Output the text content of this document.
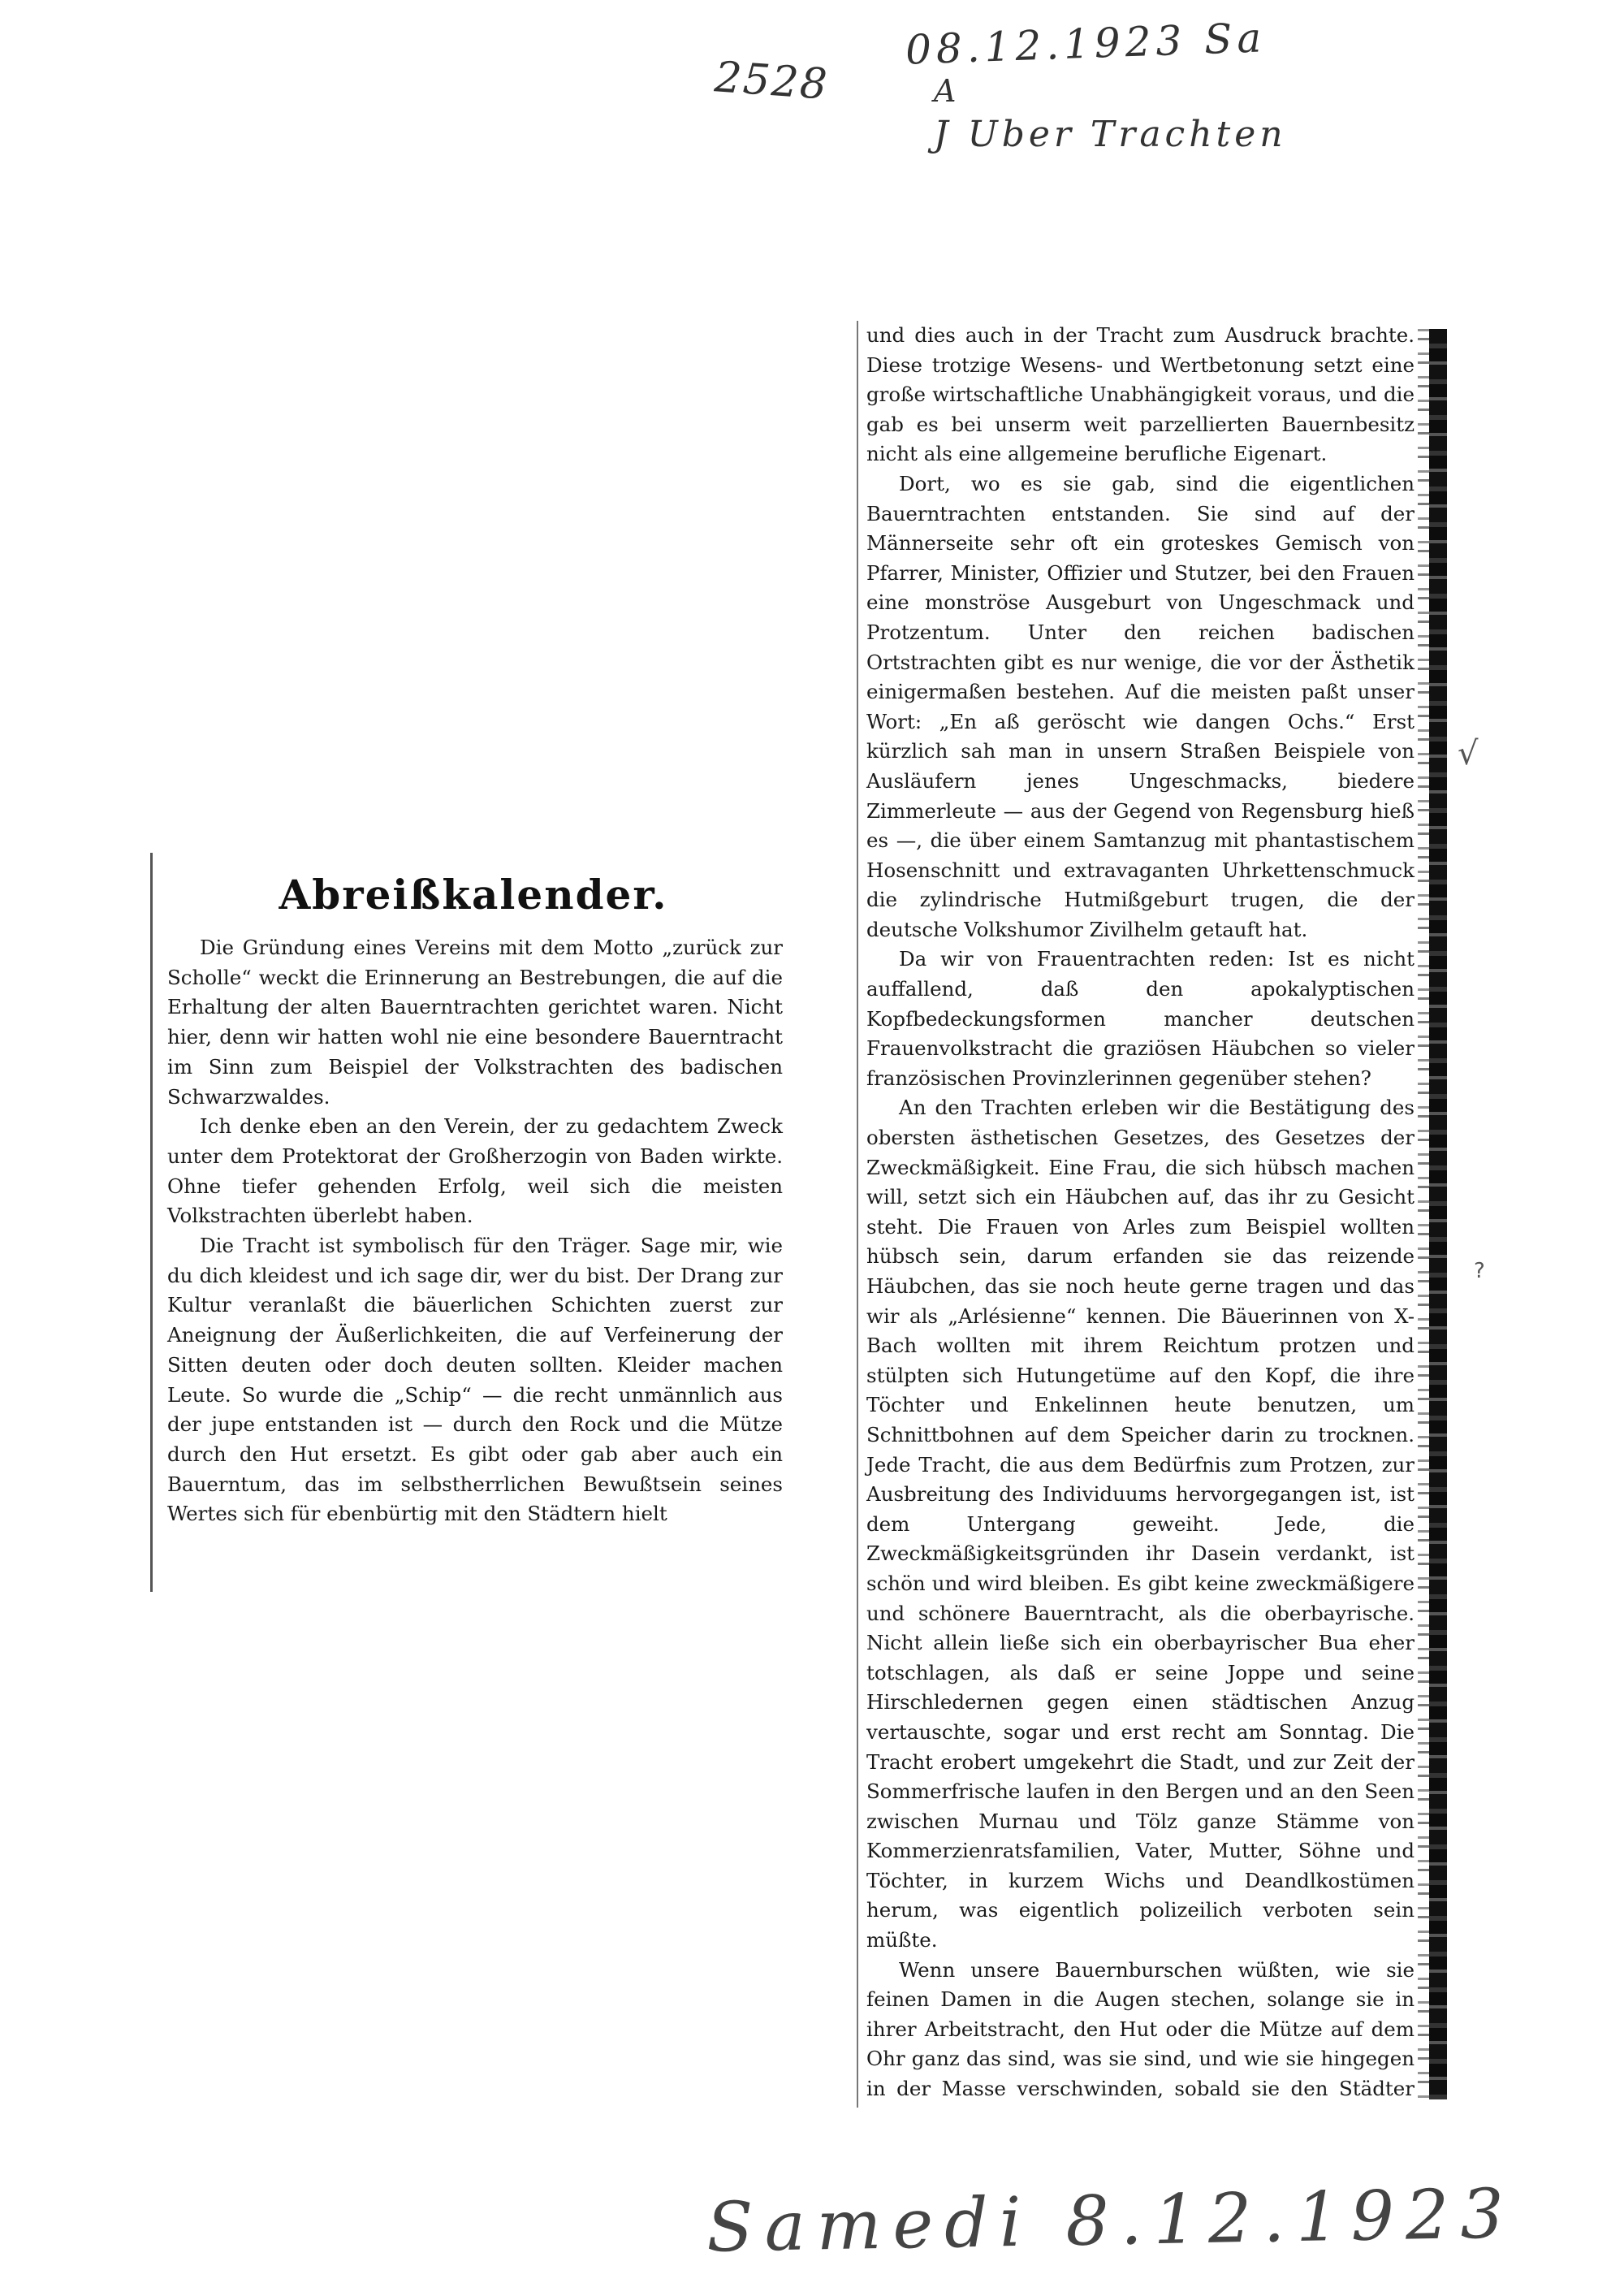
2528
08.12.1923 Sa
A
J Uber Trachten
Abreißkalender.

Die Gründung eines Vereins mit dem Motto „zurück zur Scholle“ weckt die Erinnerung an Bestrebungen, die auf die Erhaltung der alten Bauerntrachten gerichtet waren. Nicht hier, denn wir hatten wohl nie eine besondere Bauerntracht im Sinn zum Beispiel der Volkstrachten des badischen Schwarzwaldes.

Ich denke eben an den Verein, der zu gedachtem Zweck unter dem Protektorat der Großherzogin von Baden wirkte. Ohne tiefer gehenden Erfolg, weil sich die meisten Volkstrachten überlebt haben.

Die Tracht ist symbolisch für den Träger. Sage mir, wie du dich kleidest und ich sage dir, wer du bist. Der Drang zur Kultur veranlaßt die bäuerlichen Schichten zuerst zur Aneignung der Äußerlichkeiten, die auf Verfeinerung der Sitten deuten oder doch deuten sollten. Kleider machen Leute. So wurde die „Schip“ — die recht unmännlich aus der jupe entstanden ist — durch den Rock und die Mütze durch den Hut ersetzt. Es gibt oder gab aber auch ein Bauerntum, das im selbstherrlichen Bewußtsein seines Wertes sich für ebenbürtig mit den Städtern hielt

und dies auch in der Tracht zum Ausdruck brachte. Diese trotzige Wesens- und Wertbetonung setzt eine große wirtschaftliche Unabhängigkeit voraus, und die gab es bei unserm weit parzellierten Bauernbesitz nicht als eine allgemeine berufliche Eigenart.

Dort, wo es sie gab, sind die eigentlichen Bauerntrachten entstanden. Sie sind auf der Männerseite sehr oft ein groteskes Gemisch von Pfarrer, Minister, Offizier und Stutzer, bei den Frauen eine monströse Ausgeburt von Ungeschmack und Protzentum. Unter den reichen badischen Ortstrachten gibt es nur wenige, die vor der Ästhetik einigermaßen bestehen. Auf die meisten paßt unser Wort: „En aß geröscht wie dangen Ochs.“ Erst kürzlich sah man in unsern Straßen Beispiele von Ausläufern jenes Ungeschmacks, biedere Zimmerleute — aus der Gegend von Regensburg hieß es —, die über einem Samtanzug mit phantastischem Hosenschnitt und extravaganten Uhrkettenschmuck die zylindrische Hutmißgeburt trugen, die der deutsche Volkshumor Zivilhelm getauft hat.

Da wir von Frauentrachten reden: Ist es nicht auffallend, daß den apokalyptischen Kopfbedeckungsformen mancher deutschen Frauenvolkstracht die graziösen Häubchen so vieler französischen Provinzlerinnen gegenüber stehen?

An den Trachten erleben wir die Bestätigung des obersten ästhetischen Gesetzes, des Gesetzes der Zweckmäßigkeit. Eine Frau, die sich hübsch machen will, setzt sich ein Häubchen auf, das ihr zu Gesicht steht. Die Frauen von Arles zum Beispiel wollten hübsch sein, darum erfanden sie das reizende Häubchen, das sie noch heute gerne tragen und das wir als „Arlésienne“ kennen. Die Bäuerinnen von X-Bach wollten mit ihrem Reichtum protzen und stülpten sich Hutungetüme auf den Kopf, die ihre Töchter und Enkelinnen heute benutzen, um Schnittbohnen auf dem Speicher darin zu trocknen. Jede Tracht, die aus dem Bedürfnis zum Protzen, zur Ausbreitung des Individuums hervorgegangen ist, ist dem Untergang geweiht. Jede, die Zweckmäßigkeitsgründen ihr Dasein verdankt, ist schön und wird bleiben. Es gibt keine zweckmäßigere und schönere Bauerntracht, als die oberbayrische. Nicht allein ließe sich ein oberbayrischer Bua eher totschlagen, als daß er seine Joppe und seine Hirschledernen gegen einen städtischen Anzug vertauschte, sogar und erst recht am Sonntag. Die Tracht erobert umgekehrt die Stadt, und zur Zeit der Sommerfrische laufen in den Bergen und an den Seen zwischen Murnau und Tölz ganze Stämme von Kommerzienratsfamilien, Vater, Mutter, Söhne und Töchter, in kurzem Wichs und Deandlkostümen herum, was eigentlich polizeilich verboten sein müßte.

Wenn unsere Bauernburschen wüßten, wie sie feinen Damen in die Augen stechen, solange sie in ihrer Arbeitstracht, den Hut oder die Mütze auf dem Ohr ganz das sind, was sie sind, und wie sie hingegen in der Masse verschwinden, sobald sie den Städter

√
?
Samedi 8.12.1923
